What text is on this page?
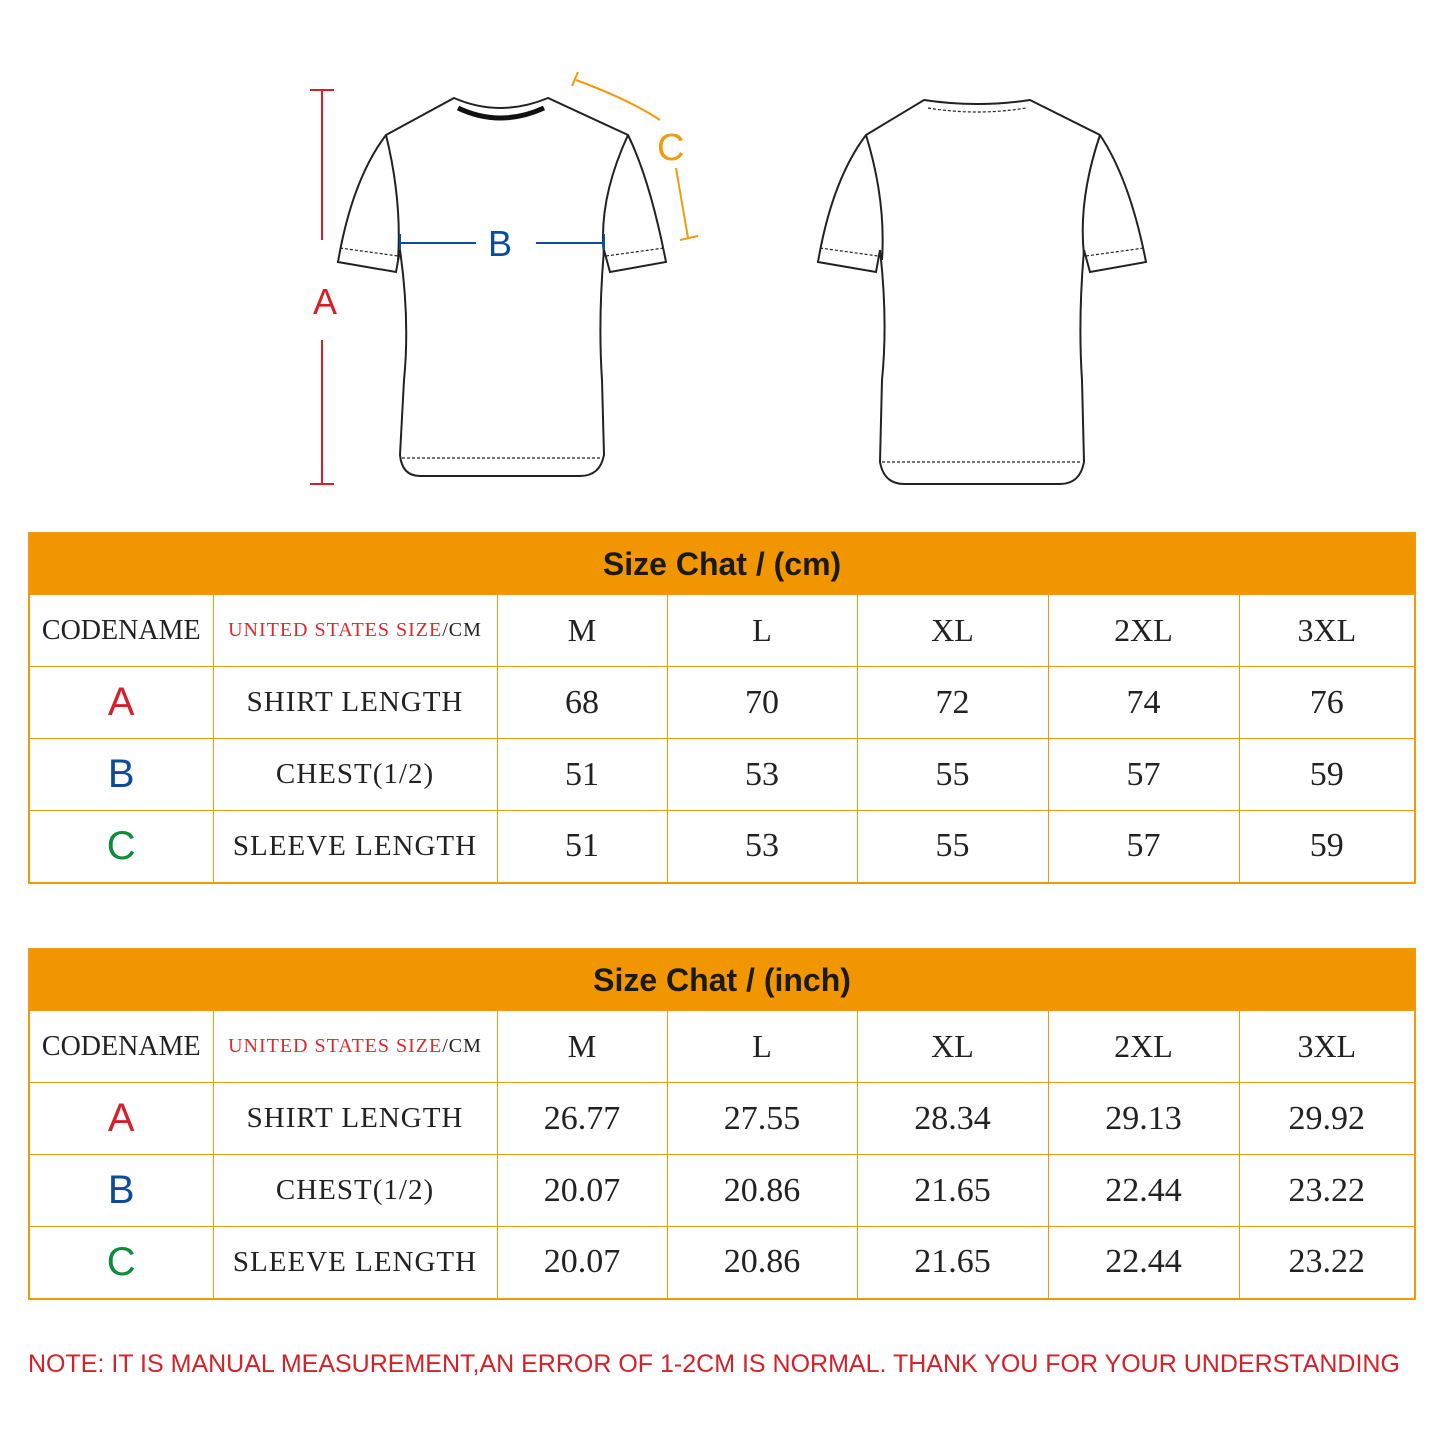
A
B
C
Size Chat / (cm)						
CODENAME	UNITED STATES SIZE/CM	M	L	XL	2XL	3XL
A	SHIRT LENGTH	68	70	72	74	76
B	CHEST(1/2)	51	53	55	57	59
C	SLEEVE LENGTH	51	53	55	57	59
Size Chat / (inch)						
CODENAME	UNITED STATES SIZE/CM	M	L	XL	2XL	3XL
A	SHIRT LENGTH	26.77	27.55	28.34	29.13	29.92
B	CHEST(1/2)	20.07	20.86	21.65	22.44	23.22
C	SLEEVE LENGTH	20.07	20.86	21.65	22.44	23.22
NOTE: IT IS MANUAL MEASUREMENT,AN ERROR OF 1-2CM IS NORMAL. THANK YOU FOR YOUR UNDERSTANDING
